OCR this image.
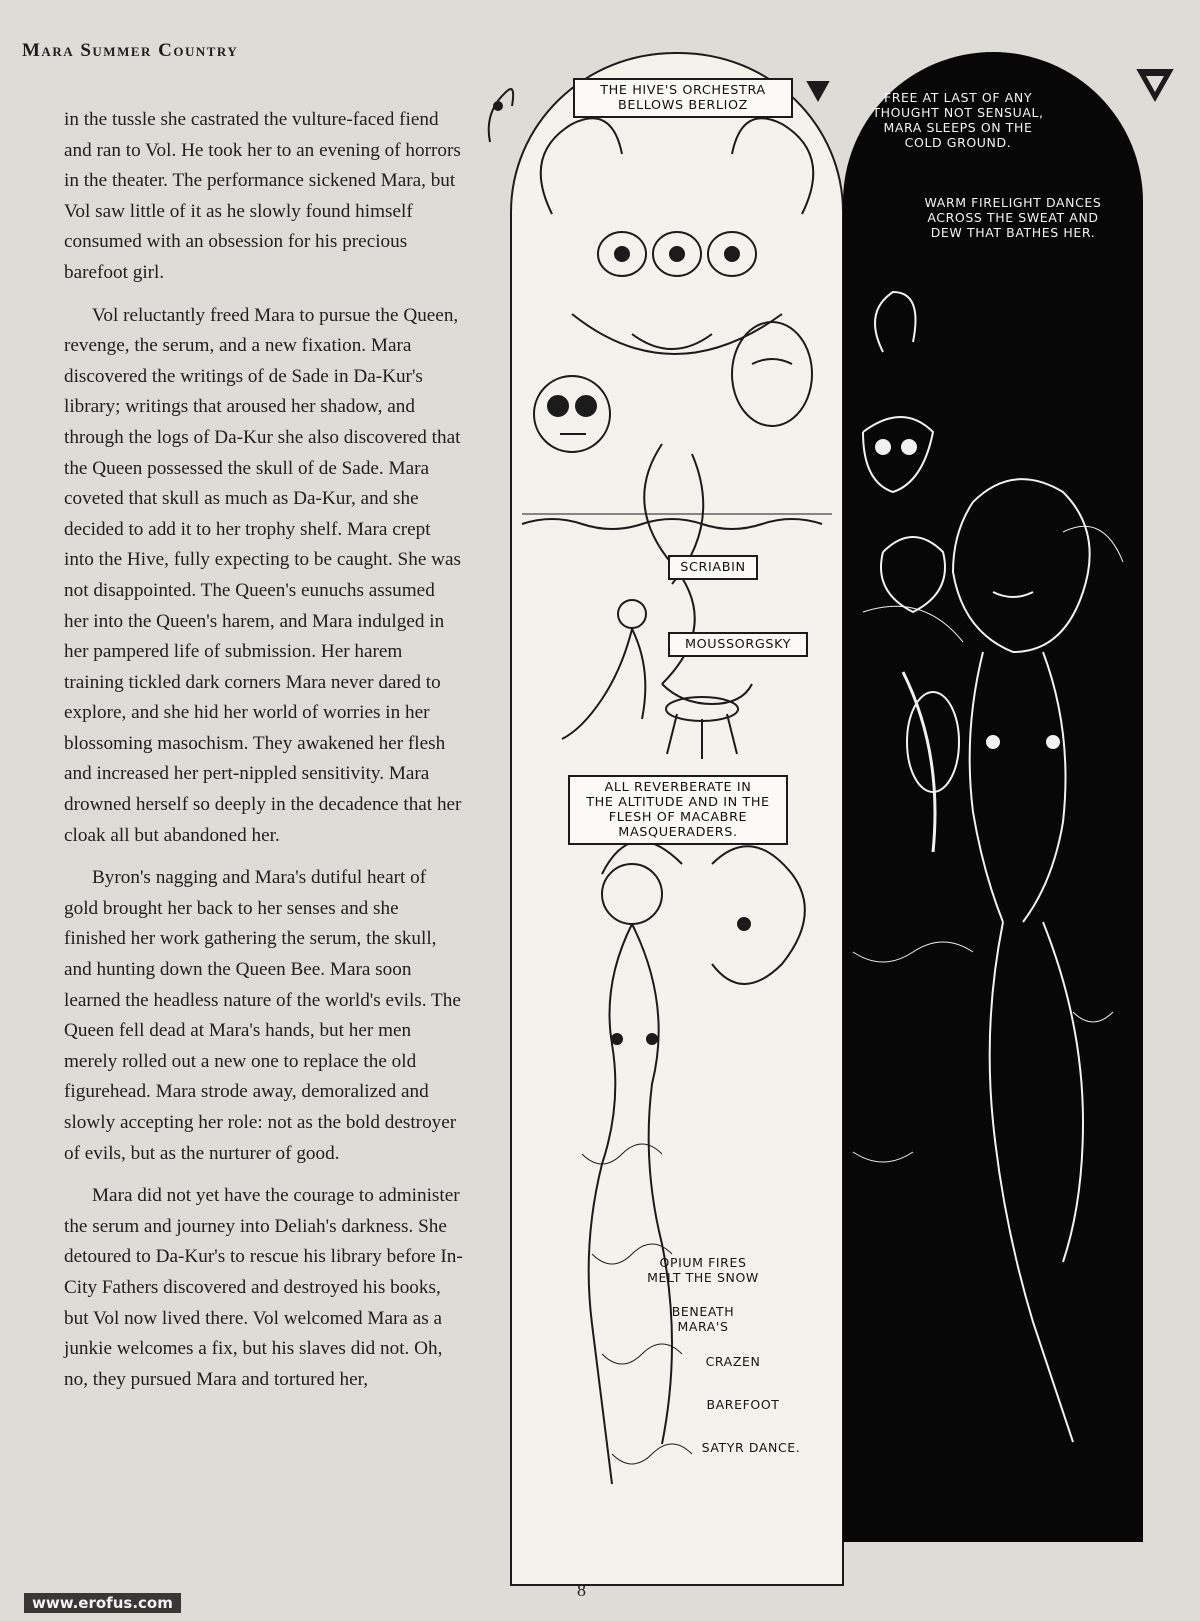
Mara Summer Country

in the tussle she castrated the vulture-faced fiend and ran to Vol. He took her to an evening of horrors in the theater. The performance sickened Mara, but Vol saw little of it as he slowly found himself consumed with an obsession for his precious barefoot girl.

Vol reluctantly freed Mara to pursue the Queen, revenge, the serum, and a new fixation. Mara discovered the writings of de Sade in Da-Kur's library; writings that aroused her shadow, and through the logs of Da-Kur she also discovered that the Queen possessed the skull of de Sade. Mara coveted that skull as much as Da-Kur, and she decided to add it to her trophy shelf. Mara crept into the Hive, fully expecting to be caught. She was not disappointed. The Queen's eunuchs assumed her into the Queen's harem, and Mara indulged in her pampered life of submission. Her harem training tickled dark corners Mara never dared to explore, and she hid her world of worries in her blossoming masochism. They awakened her flesh and increased her pert-nippled sensitivity. Mara drowned herself so deeply in the decadence that her cloak all but abandoned her.

Byron's nagging and Mara's dutiful heart of gold brought her back to her senses and she finished her work gathering the serum, the skull, and hunting down the Queen Bee. Mara soon learned the headless nature of the world's evils. The Queen fell dead at Mara's hands, but her men merely rolled out a new one to replace the old figurehead. Mara strode away, demoralized and slowly accepting her role: not as the bold destroyer of evils, but as the nurturer of good.

Mara did not yet have the courage to administer the serum and journey into Deliah's darkness. She detoured to Da-Kur's to rescue his library before In-City Fathers discovered and destroyed his books, but Vol now lived there. Vol welcomed Mara as a junkie welcomes a fix, but his slaves did not. Oh, no, they pursued Mara and tortured her,

THE HIVE'S ORCHESTRA
BELLOWS BERLIOZ
SCRIABIN
MOUSSORGSKY
ALL REVERBERATE IN
THE ALTITUDE AND IN THE
FLESH OF MACABRE
MASQUERADERS.
OPIUM FIRES
MELT THE SNOW
BENEATH
MARA'S
CRAZEN
BAREFOOT
SATYR DANCE.
FREE AT LAST OF ANY
THOUGHT NOT SENSUAL,
MARA SLEEPS ON THE
COLD GROUND.
WARM FIRELIGHT DANCES
ACROSS THE SWEAT AND
DEW THAT BATHES HER.
8
www.erofus.com
